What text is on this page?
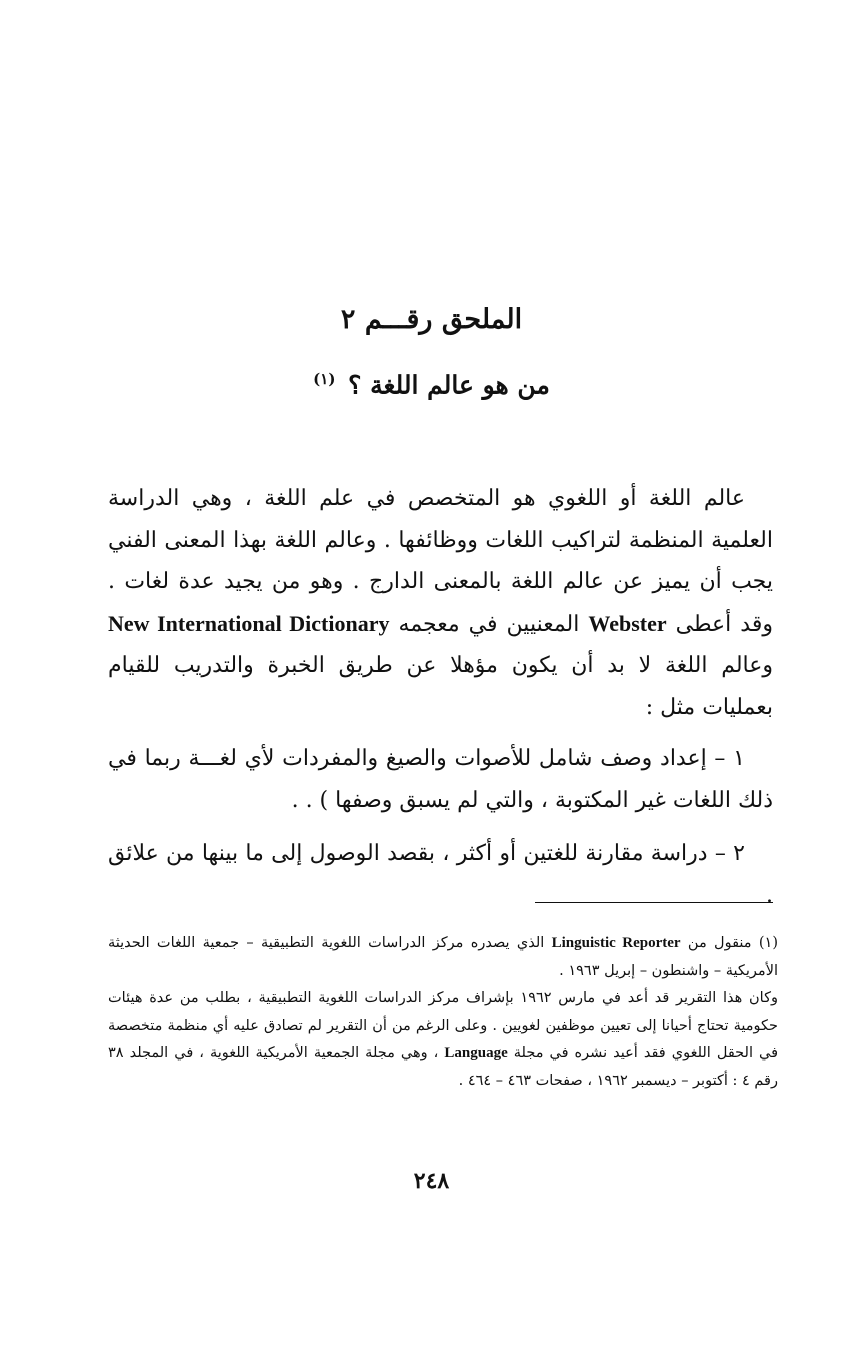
الملحق رقـــم ٢
من هو عالم اللغة ؟ $^{(١)}$

عالم اللغة أو اللغوي هو المتخصص في علم اللغة ، وهي الدراسة العلمية المنظمة لتراكيب اللغات ووظائفها . وعالم اللغة بهذا المعنى الفني يجب أن يميز عن عالم اللغة بالمعنى الدارج . وهو من يجيد عدة لغات . وقد أعطى Webster المعنيين في معجمه New International Dictionary وعالم اللغة لا بد أن يكون مؤهلا عن طريق الخبرة والتدريب للقيام بعمليات مثل :

١ – إعداد وصف شامل للأصوات والصيغ والمفردات لأي لغـــة ربما في ذلك اللغات غير المكتوبة ، والتي لم يسبق وصفها ) . .

٢ – دراسة مقارنة للغتين أو أكثر ، بقصد الوصول إلى ما بينها من علائق .

(١) منقول من Linguistic Reporter الذي يصدره مركز الدراسات اللغوية التطبيقية – جمعية اللغات الحديثة الأمريكية – واشنطون – إبريل ١٩٦٣ .

وكان هذا التقرير قد أعد في مارس ١٩٦٢ بإشراف مركز الدراسات اللغوية التطبيقية ، بطلب من عدة هيئات حكومية تحتاج أحيانا إلى تعيين موظفين لغويين . وعلى الرغم من أن التقرير لم تصادق عليه أي منظمة متخصصة في الحقل اللغوي فقد أعيد نشره في مجلة Language ، وهي مجلة الجمعية الأمريكية اللغوية ، في المجلد ٣٨ رقم ٤ : أكتوبر – ديسمبر ١٩٦٢ ، صفحات ٤٦٣ – ٤٦٤ .

٢٤٨
